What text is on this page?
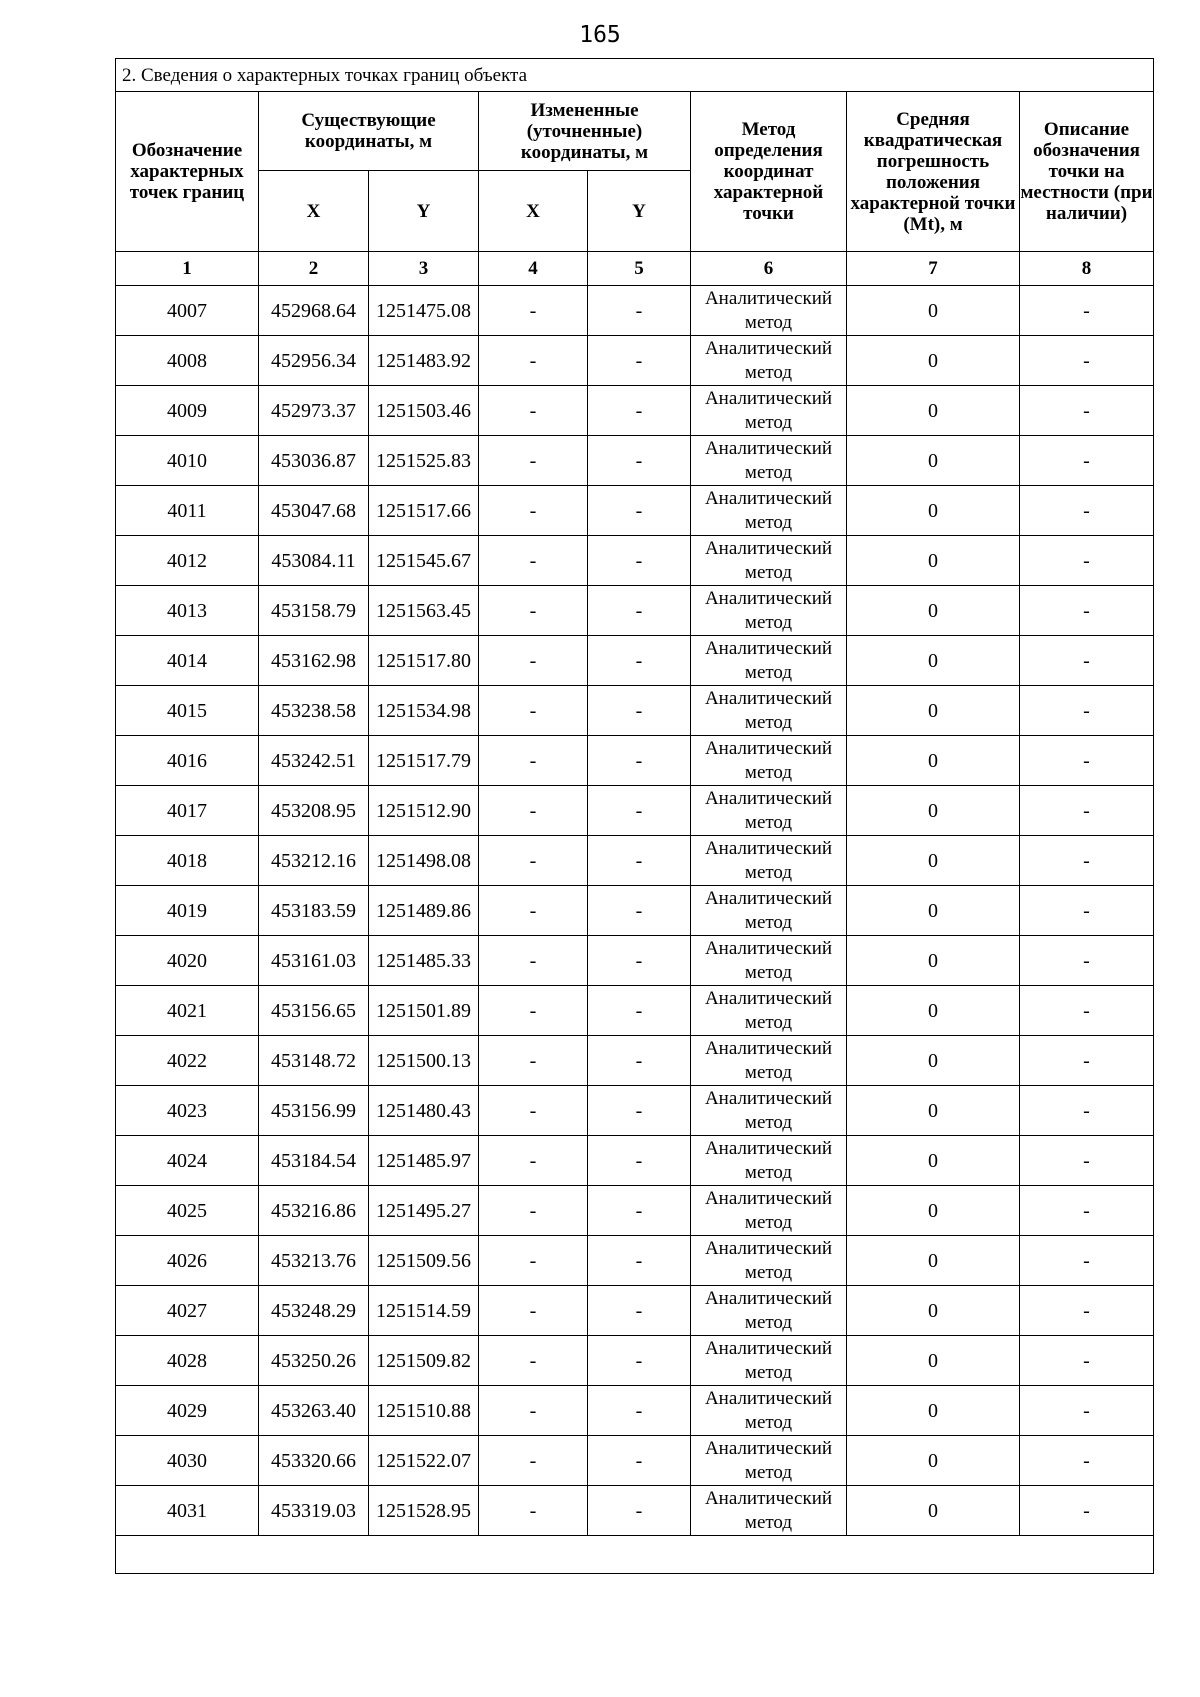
165
2. Сведения о характерных точках границ объекта							
Обозначение характерных точек границ	Существующие координаты, м		Измененные (уточненные) координаты, м		Метод определения координат характерной точки	Средняя квадратическая погрешность положения характерной точки (Mt), м	Описание обозначения точки на местности (при наличии)
	X	Y	X	Y			
1	2	3	4	5	6	7	8
4007	452968.64	1251475.08	-	-	Аналитический метод	0	-
4008	452956.34	1251483.92	-	-	Аналитический метод	0	-
4009	452973.37	1251503.46	-	-	Аналитический метод	0	-
4010	453036.87	1251525.83	-	-	Аналитический метод	0	-
4011	453047.68	1251517.66	-	-	Аналитический метод	0	-
4012	453084.11	1251545.67	-	-	Аналитический метод	0	-
4013	453158.79	1251563.45	-	-	Аналитический метод	0	-
4014	453162.98	1251517.80	-	-	Аналитический метод	0	-
4015	453238.58	1251534.98	-	-	Аналитический метод	0	-
4016	453242.51	1251517.79	-	-	Аналитический метод	0	-
4017	453208.95	1251512.90	-	-	Аналитический метод	0	-
4018	453212.16	1251498.08	-	-	Аналитический метод	0	-
4019	453183.59	1251489.86	-	-	Аналитический метод	0	-
4020	453161.03	1251485.33	-	-	Аналитический метод	0	-
4021	453156.65	1251501.89	-	-	Аналитический метод	0	-
4022	453148.72	1251500.13	-	-	Аналитический метод	0	-
4023	453156.99	1251480.43	-	-	Аналитический метод	0	-
4024	453184.54	1251485.97	-	-	Аналитический метод	0	-
4025	453216.86	1251495.27	-	-	Аналитический метод	0	-
4026	453213.76	1251509.56	-	-	Аналитический метод	0	-
4027	453248.29	1251514.59	-	-	Аналитический метод	0	-
4028	453250.26	1251509.82	-	-	Аналитический метод	0	-
4029	453263.40	1251510.88	-	-	Аналитический метод	0	-
4030	453320.66	1251522.07	-	-	Аналитический метод	0	-
4031	453319.03	1251528.95	-	-	Аналитический метод	0	-
